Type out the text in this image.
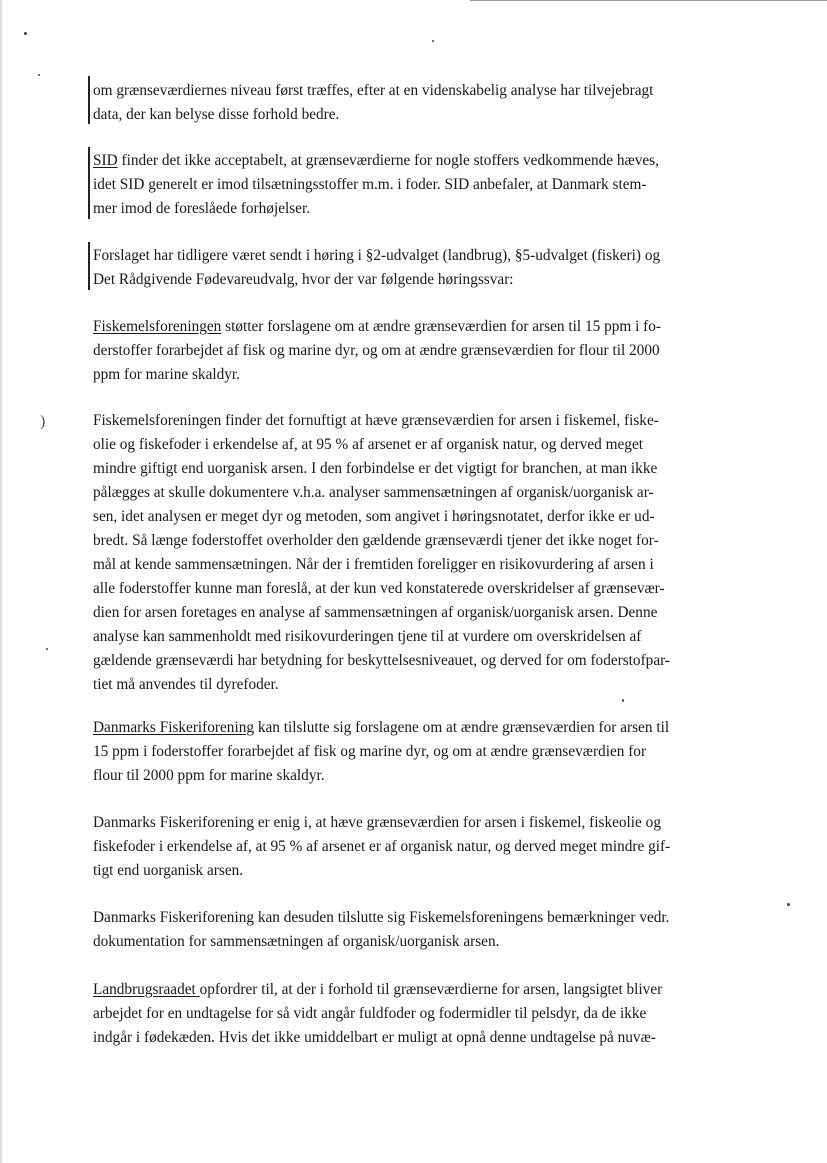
)

om grænseværdiernes niveau først træffes, efter at en videnskabelig analyse har tilvejebragt
data, der kan belyse disse forhold bedre.

SID finder det ikke acceptabelt, at grænseværdierne for nogle stoffers vedkommende hæves,
idet SID generelt er imod tilsætningsstoffer m.m. i foder. SID anbefaler, at Danmark stem-
mer imod de foreslåede forhøjelser.

Forslaget har tidligere været sendt i høring i §2-udvalget (landbrug), §5-udvalget (fiskeri) og
Det Rådgivende Fødevareudvalg, hvor der var følgende høringssvar:

Fiskemelsforeningen støtter forslagene om at ændre grænseværdien for arsen til 15 ppm i fo-
derstoffer forarbejdet af fisk og marine dyr, og om at ændre grænseværdien for flour til 2000
ppm for marine skaldyr.

Fiskemelsforeningen finder det fornuftigt at hæve grænseværdien for arsen i fiskemel, fiske-
olie og fiskefoder i erkendelse af, at 95 % af arsenet er af organisk natur, og derved meget
mindre giftigt end uorganisk arsen. I den forbindelse er det vigtigt for branchen, at man ikke
pålægges at skulle dokumentere v.h.a. analyser sammensætningen af organisk/uorganisk ar-
sen, idet analysen er meget dyr og metoden, som angivet i høringsnotatet, derfor ikke er ud-
bredt. Så længe foderstoffet overholder den gældende grænseværdi tjener det ikke noget for-
mål at kende sammensætningen. Når der i fremtiden foreligger en risikovurdering af arsen i
alle foderstoffer kunne man foreslå, at der kun ved konstaterede overskridelser af grænsevær-
dien for arsen foretages en analyse af sammensætningen af organisk/uorganisk arsen. Denne
analyse kan sammenholdt med risikovurderingen tjene til at vurdere om overskridelsen af
gældende grænseværdi har betydning for beskyttelsesniveauet, og derved for om foderstofpar-
tiet må anvendes til dyrefoder.

Danmarks Fiskeriforening kan tilslutte sig forslagene om at ændre grænseværdien for arsen til
15 ppm i foderstoffer forarbejdet af fisk og marine dyr, og om at ændre grænseværdien for
flour til 2000 ppm for marine skaldyr.

Danmarks Fiskeriforening er enig i, at hæve grænseværdien for arsen i fiskemel, fiskeolie og
fiskefoder i erkendelse af, at 95 % af arsenet er af organisk natur, og derved meget mindre gif-
tigt end uorganisk arsen.

Danmarks Fiskeriforening kan desuden tilslutte sig Fiskemelsforeningens bemærkninger vedr.
dokumentation for sammensætningen af organisk/uorganisk arsen.

Landbrugsraadet opfordrer til, at der i forhold til grænseværdierne for arsen, langsigtet bliver
arbejdet for en undtagelse for så vidt angår fuldfoder og fodermidler til pelsdyr, da de ikke
indgår i fødekæden. Hvis det ikke umiddelbart er muligt at opnå denne undtagelse på nuvæ-
